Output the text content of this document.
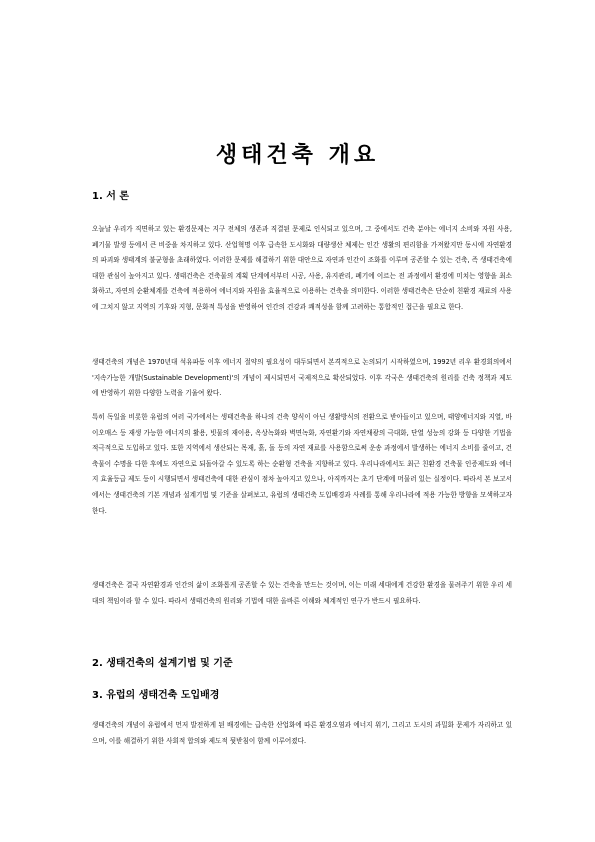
생태건축 개요
1. 서 론
오늘날 우리가 직면하고 있는 환경문제는 지구 전체의 생존과 직결된 문제로 인식되고 있으며, 그 중에서도 건축 분야는 에너지 소비와 자원 사용, 폐기물 발생 등에서 큰 비중을 차지하고 있다. 산업혁명 이후 급속한 도시화와 대량생산 체제는 인간 생활의 편리함을 가져왔지만 동시에 자연환경의 파괴와 생태계의 불균형을 초래하였다. 이러한 문제를 해결하기 위한 대안으로 자연과 인간이 조화를 이루며 공존할 수 있는 건축, 즉 생태건축에 대한 관심이 높아지고 있다. 생태건축은 건축물의 계획 단계에서부터 시공, 사용, 유지관리, 폐기에 이르는 전 과정에서 환경에 미치는 영향을 최소화하고, 자연의 순환체계를 건축에 적용하여 에너지와 자원을 효율적으로 이용하는 건축을 의미한다. 이러한 생태건축은 단순히 친환경 재료의 사용에 그치지 않고 지역의 기후와 지형, 문화적 특성을 반영하여 인간의 건강과 쾌적성을 함께 고려하는 통합적인 접근을 필요로 한다.
생태건축의 개념은 1970년대 석유파동 이후 에너지 절약의 필요성이 대두되면서 본격적으로 논의되기 시작하였으며, 1992년 리우 환경회의에서 '지속가능한 개발(Sustainable Development)'의 개념이 제시되면서 국제적으로 확산되었다. 이후 각국은 생태건축의 원리를 건축 정책과 제도에 반영하기 위한 다양한 노력을 기울여 왔다.
특히 독일을 비롯한 유럽의 여러 국가에서는 생태건축을 하나의 건축 양식이 아닌 생활방식의 전환으로 받아들이고 있으며, 태양에너지와 지열, 바이오매스 등 재생 가능한 에너지의 활용, 빗물의 재이용, 옥상녹화와 벽면녹화, 자연환기와 자연채광의 극대화, 단열 성능의 강화 등 다양한 기법을 적극적으로 도입하고 있다. 또한 지역에서 생산되는 목재, 흙, 돌 등의 자연 재료를 사용함으로써 운송 과정에서 발생하는 에너지 소비를 줄이고, 건축물이 수명을 다한 후에도 자연으로 되돌아갈 수 있도록 하는 순환형 건축을 지향하고 있다. 우리나라에서도 최근 친환경 건축물 인증제도와 에너지 효율등급 제도 등이 시행되면서 생태건축에 대한 관심이 점차 높아지고 있으나, 아직까지는 초기 단계에 머물러 있는 실정이다. 따라서 본 보고서에서는 생태건축의 기본 개념과 설계기법 및 기준을 살펴보고, 유럽의 생태건축 도입배경과 사례를 통해 우리나라에 적용 가능한 방향을 모색하고자 한다.
생태건축은 결국 자연환경과 인간의 삶이 조화롭게 공존할 수 있는 건축을 만드는 것이며, 이는 미래 세대에게 건강한 환경을 물려주기 위한 우리 세대의 책임이라 할 수 있다. 따라서 생태건축의 원리와 기법에 대한 올바른 이해와 체계적인 연구가 반드시 필요하다.
2. 생태건축의 설계기법 및 기준
3. 유럽의 생태건축 도입배경
생태건축의 개념이 유럽에서 먼저 발전하게 된 배경에는 급속한 산업화에 따른 환경오염과 에너지 위기, 그리고 도시의 과밀화 문제가 자리하고 있으며, 이를 해결하기 위한 사회적 합의와 제도적 뒷받침이 함께 이루어졌다.
